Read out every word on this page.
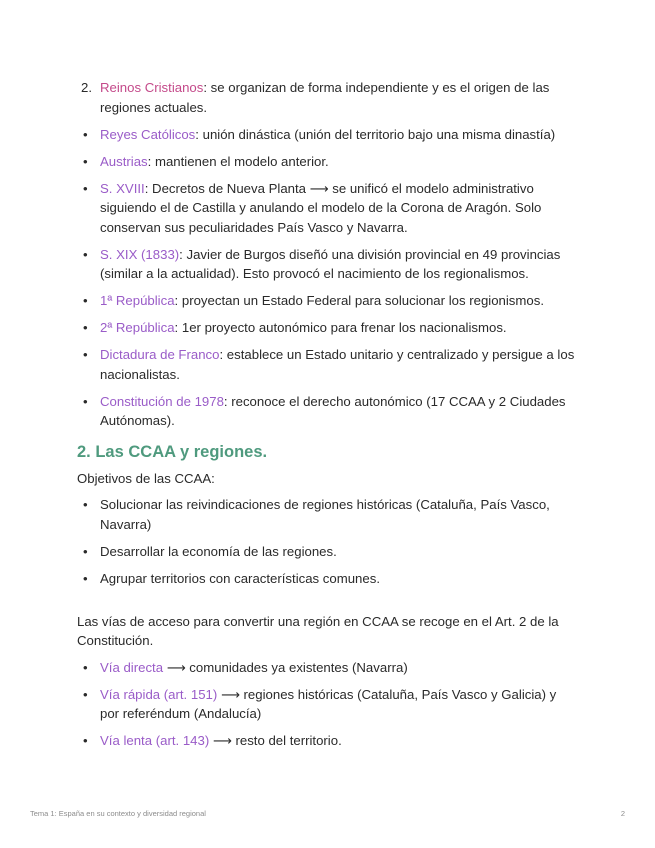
2. Reinos Cristianos: se organizan de forma independiente y es el origen de las regiones actuales.
• Reyes Católicos: unión dinástica (unión del territorio bajo una misma dinastía)
• Austrias: mantienen el modelo anterior.
• S. XVIII: Decretos de Nueva Planta ⟶ se unificó el modelo administrativo siguiendo el de Castilla y anulando el modelo de la Corona de Aragón. Solo conservan sus peculiaridades País Vasco y Navarra.
• S. XIX (1833): Javier de Burgos diseñó una división provincial en 49 provincias (similar a la actualidad). Esto provocó el nacimiento de los regionalismos.
• 1ª República: proyectan un Estado Federal para solucionar los regionismos.
• 2ª República: 1er proyecto autonómico para frenar los nacionalismos.
• Dictadura de Franco: establece un Estado unitario y centralizado y persigue a los nacionalistas.
• Constitución de 1978: reconoce el derecho autonómico (17 CCAA y 2 Ciudades Autónomas).
2. Las CCAA y regiones.

Objetivos de las CCAA:

• Solucionar las reivindicaciones de regiones históricas (Cataluña, País Vasco, Navarra)
• Desarrollar la economía de las regiones.
• Agrupar territorios con características comunes.

Las vías de acceso para convertir una región en CCAA se recoge en el Art. 2 de la Constitución.

• Vía directa ⟶ comunidades ya existentes (Navarra)
• Vía rápida (art. 151) ⟶ regiones históricas (Cataluña, País Vasco y Galicia) y por referéndum (Andalucía)
• Vía lenta (art. 143) ⟶ resto del territorio.
Tema 1: España en su contexto y diversidad regional	2
